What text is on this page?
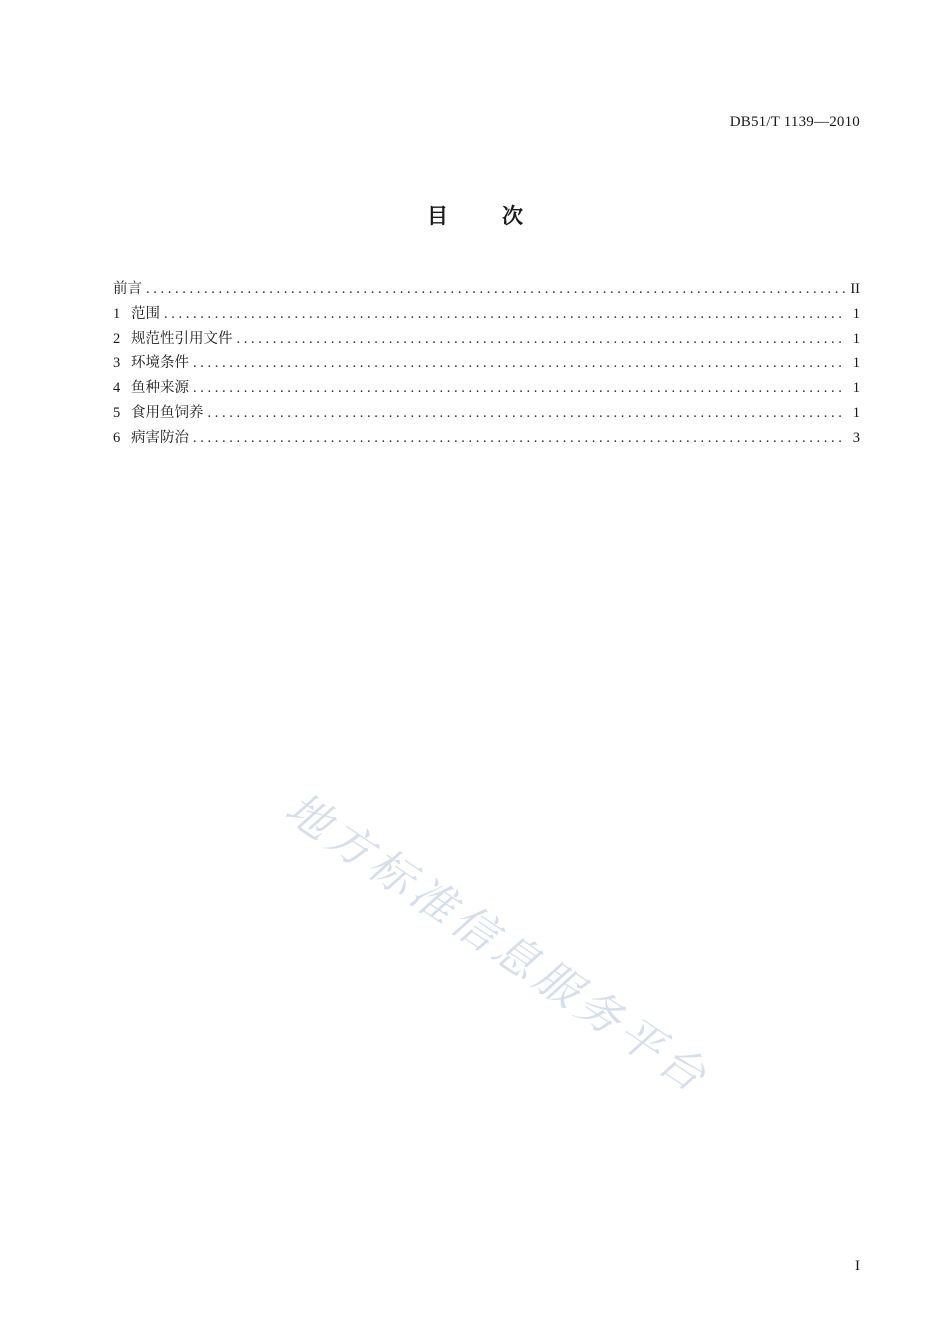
DB51/T 1139—2010
目	次
前言 . . .	II
1 范围 . . .	1
2 规范性引用文件 . . .	1
3 环境条件 . . .	1
4 鱼种来源 . . .	1
5 食用鱼饲养 . . .	1
6 病害防治 . . .	3
地方标准信息服务平台
I
